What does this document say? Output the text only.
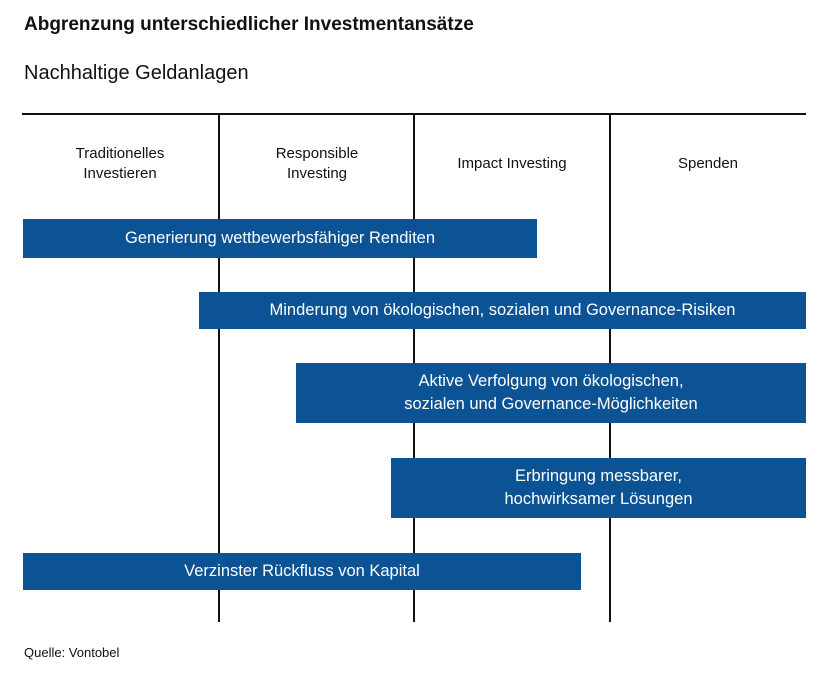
Abgrenzung unterschiedlicher Investmentansätze
Nachhaltige Geldanlagen
Traditionelles
Investieren
Responsible
Investing
Impact Investing	Spenden
Generierung wettbewerbsfähiger Renditen
Minderung von ökologischen, sozialen und Governance-Risiken
Aktive Verfolgung von ökologischen,
sozialen und Governance-Möglichkeiten
Erbringung messbarer,
hochwirksamer Lösungen
Verzinster Rückfluss von Kapital
Quelle: Vontobel
